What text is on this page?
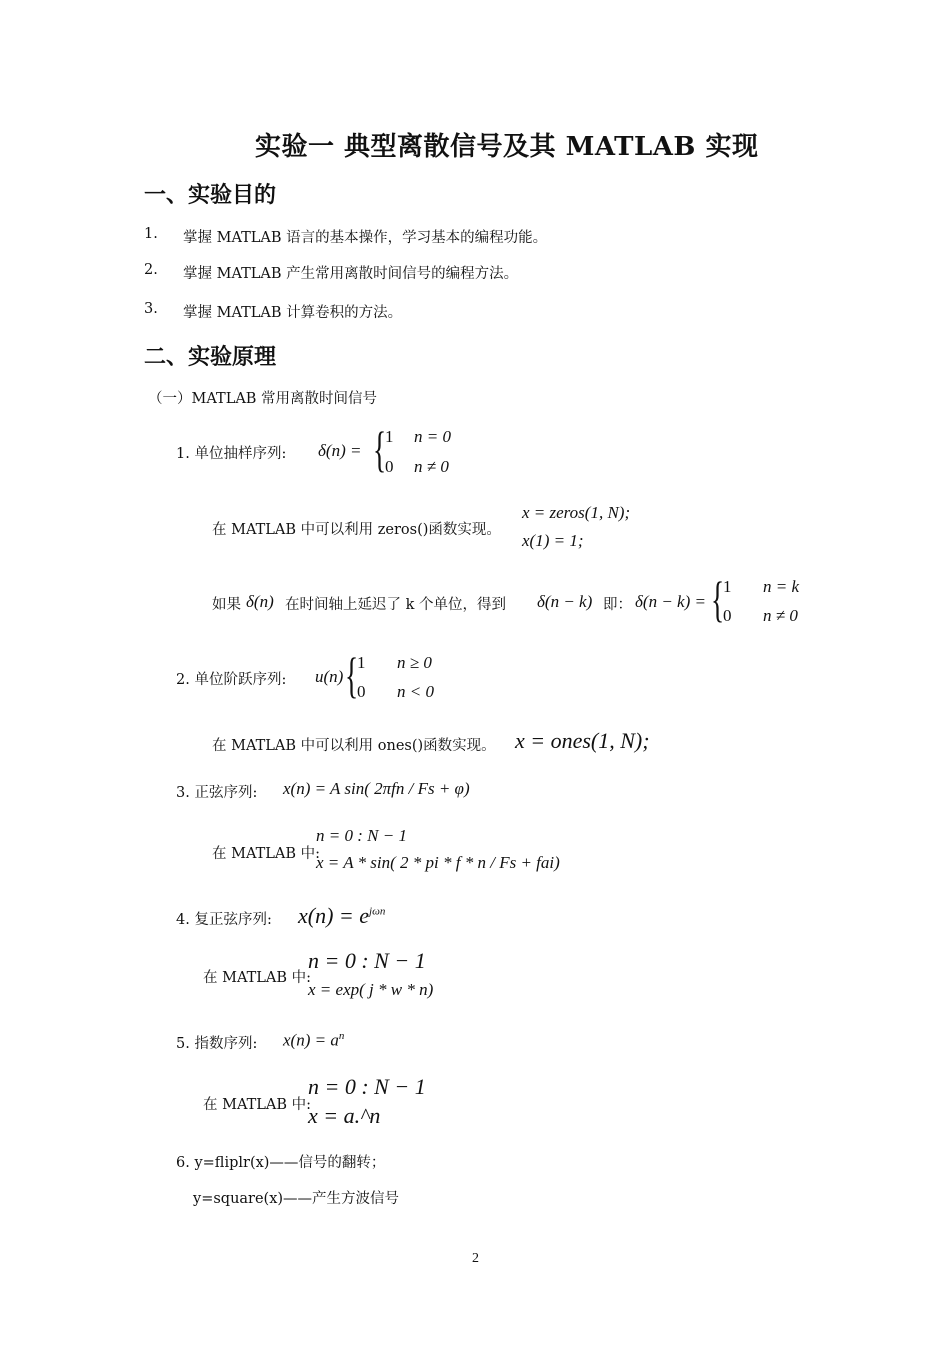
实验一 典型离散信号及其 MATLAB 实现
一、实验目的
1. 掌握 MATLAB 语言的基本操作，学习基本的编程功能。
2. 掌握 MATLAB 产生常用离散时间信号的编程方法。
3. 掌握 MATLAB 计算卷积的方法。
二、实验原理
（一）MATLAB 常用离散时间信号
1. 单位抽样序列: δ(n) = {
1 n = 0
0 n ≠ 0
在 MATLAB 中可以利用 zeros()函数实现。
x = zeros(1, N);
x(1) = 1;
如果 δ(n) 在时间轴上延迟了 k 个单位，得到 δ(n − k) 即： δ(n − k) = {
1 n = k
0 n ≠ 0
2. 单位阶跃序列: u(n) {
1 n ≥ 0
0 n < 0
在 MATLAB 中可以利用 ones()函数实现。 x = ones(1, N);
3. 正弦序列: x(n) = A sin( 2πfn / Fs + φ)
在 MATLAB 中:
n = 0 : N − 1
x = A * sin( 2 * pi * f * n / Fs + fai)
4. 复正弦序列: $x(n) = e^{j\omega n}$
在 MATLAB 中:
n = 0 : N − 1
x = exp( j * w * n)
5. 指数序列: $x(n) = a^n$
在 MATLAB 中:
n = 0 : N − 1
x = a.^n
6. y=fliplr(x)——信号的翻转；
y=square(x)——产生方波信号
2
